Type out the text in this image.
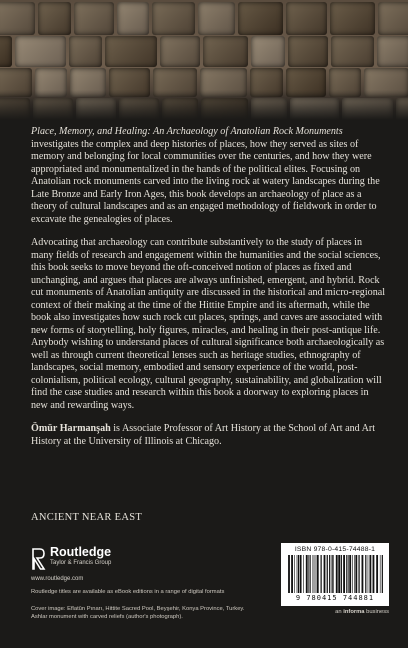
Place, Memory, and Healing: An Archaeology of Anatolian Rock Monuments investigates the complex and deep histories of places, how they served as sites of memory and belonging for local communities over the centuries, and how they were appropriated and monumentalized in the hands of the political elites. Focusing on Anatolian rock monuments carved into the living rock at watery landscapes during the Late Bronze and Early Iron Ages, this book develops an archaeology of place as a theory of cultural landscapes and as an engaged methodology of fieldwork in order to excavate the genealogies of places.

Advocating that archaeology can contribute substantively to the study of places in many fields of research and engagement within the humanities and the social sciences, this book seeks to move beyond the oft-conceived notion of places as fixed and unchanging, and argues that places are always unfinished, emergent, and hybrid. Rock cut monuments of Anatolian antiquity are discussed in the historical and micro-regional context of their making at the time of the Hittite Empire and its aftermath, while the book also investigates how such rock cut places, springs, and caves are associated with new forms of storytelling, holy figures, miracles, and healing in their post-antique life. Anybody wishing to understand places of cultural significance both archaeologically as well as through current theoretical lenses such as heritage studies, ethnography of landscapes, social memory, embodied and sensory experience of the world, post-colonialism, political ecology, cultural geography, sustainability, and globalization will find the case studies and research within this book a doorway to exploring places in new and rewarding ways.

Ömür Harmanşah is Associate Professor of Art History at the School of Art and Art History at the University of Illinois at Chicago.

ANCIENT NEAR EAST
Routledge
Taylor & Francis Group
www.routledge.com
Routledge titles are available as eBook editions in a range of digital formats
Cover image: Eflatûn Pınarı, Hittite Sacred Pool, Beyşehir, Konya Province, Turkey.
Ashlar monument with carved reliefs (author's photograph).
ISBN 978-0-415-74488-1
9 780415 744881
an informa business
